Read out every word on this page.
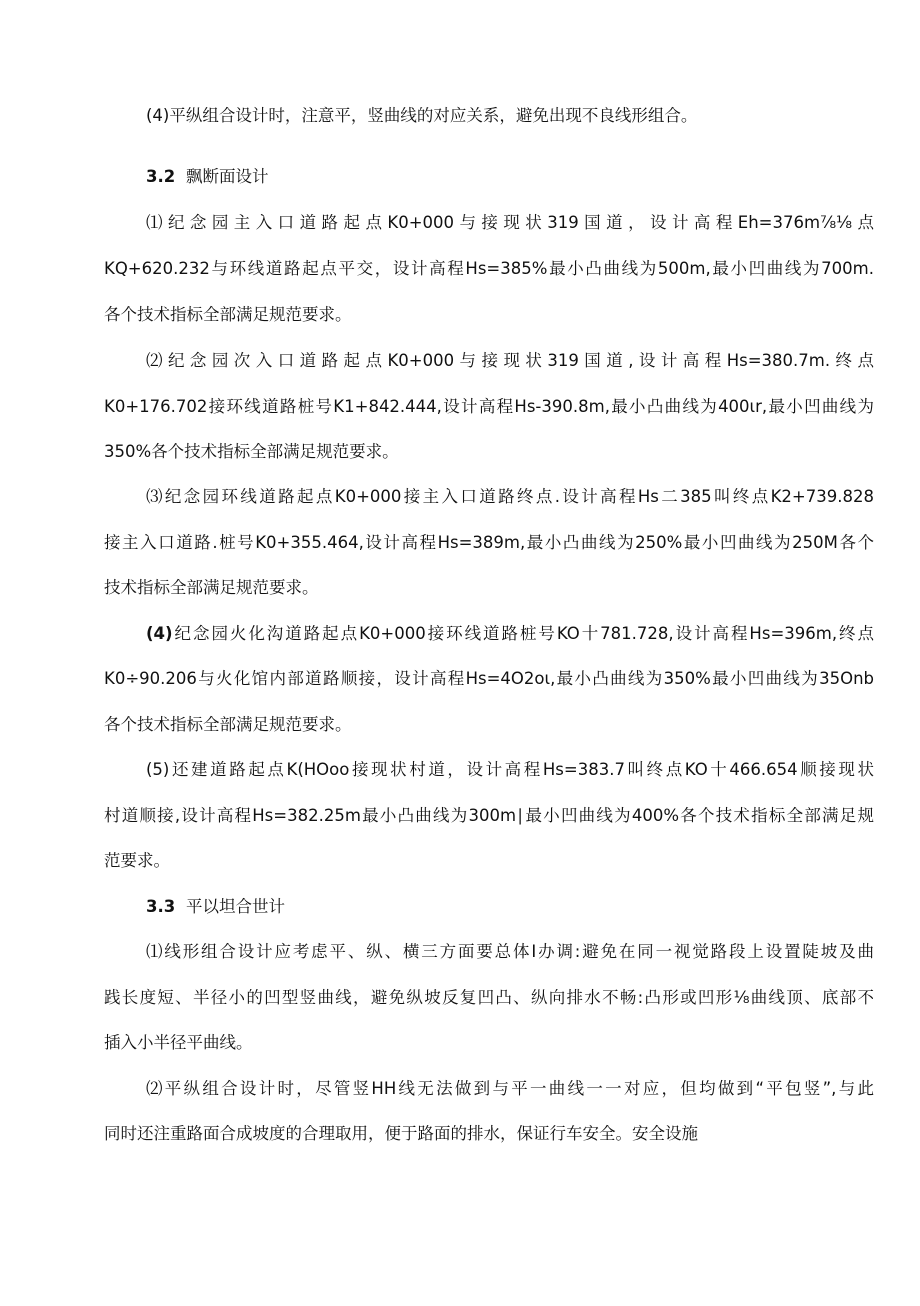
(4)平纵组合设计时，注意平，竖曲线的对应关系，避免出现不良线形组合。
3.2 飘断面设计
⑴纪念园主入口道路起点K0+000与接现状319国道，设计高程Eh=376m⅞⅛点
KQ+620.232与环线道路起点平交，设计高程Hs=385%最小凸曲线为500m,最小凹曲线为700m.
各个技术指标全部满足规范要求。
⑵纪念园次入口道路起点K0+000与接现状319国道,设计高程Hs=380.7m.终点
K0+176.702接环线道路桩号K1+842.444,设计高程Hs-390.8m,最小凸曲线为400ιr,最小凹曲线为
350%各个技术指标全部满足规范要求。
⑶纪念园环线道路起点K0+000接主入口道路终点.设计高程Hs二385叫终点K2+739.828
接主入口道路.桩号K0+355.464,设计高程Hs=389m,最小凸曲线为250%最小凹曲线为250M各个
技术指标全部满足规范要求。
(4)纪念园火化沟道路起点K0+000接环线道路桩号KO十781.728,设计高程Hs=396m,终点
K0÷90.206与火化馆内部道路顺接，设计高程Hs=4O2oι,最小凸曲线为350%最小凹曲线为35Onb
各个技术指标全部满足规范要求。
(5)还建道路起点K(HOoo接现状村道，设计高程Hs=383.7叫终点KO十466.654顺接现状
村道顺接,设计高程Hs=382.25m最小凸曲线为300m∣最小凹曲线为400%各个技术指标全部满足规
范要求。
3.3 平以坦合世计
⑴线形组合设计应考虑平、纵、横三方面要总体I办调:避免在同一视觉路段上设置陡坡及曲
践长度短、半径小的凹型竖曲线，避免纵坡反复凹凸、纵向排水不畅:凸形或凹形⅛曲线顶、底部不
插入小半径平曲线。
⑵平纵组合设计时，尽管竖HH线无法做到与平一曲线一一对应，但均做到“平包竖”,与此
同时还注重路面合成坡度的合理取用，便于路面的排水，保证行车安全。安全设施
